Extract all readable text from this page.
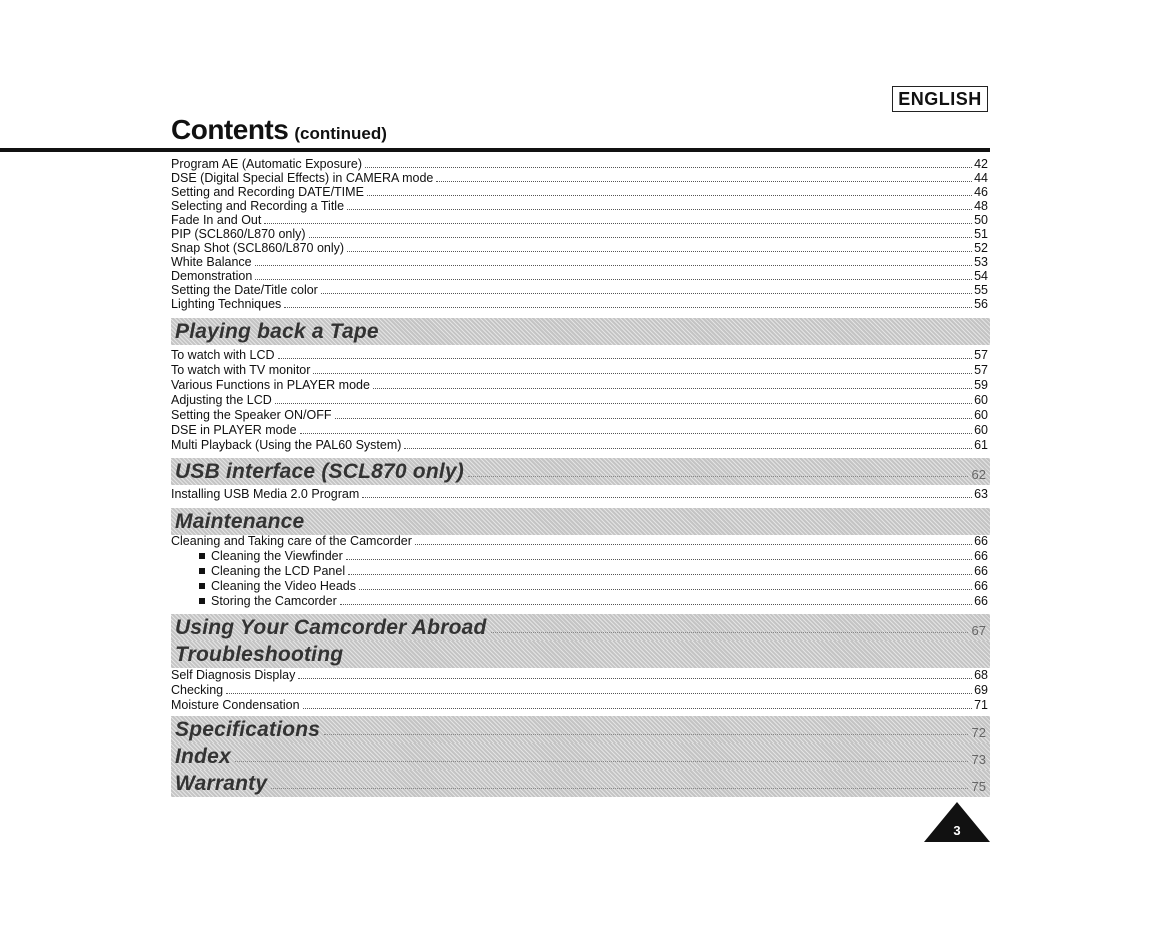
ENGLISH
Contents (continued)
Program AE (Automatic Exposure)	42
DSE (Digital Special Effects) in CAMERA mode	44
Setting and Recording DATE/TIME	46
Selecting and Recording a Title	48
Fade In and Out	50
PIP (SCL860/L870 only)	51
Snap Shot (SCL860/L870 only)	52
White Balance	53
Demonstration	54
Setting the Date/Title color	55
Lighting Techniques	56
Playing back a Tape
To watch with LCD	57
To watch with TV monitor	57
Various Functions in PLAYER mode	59
Adjusting the LCD	60
Setting the Speaker ON/OFF	60
DSE in PLAYER mode	60
Multi Playback (Using the PAL60 System)	61
USB interface (SCL870 only)	62
Installing USB Media 2.0 Program	63
Maintenance
Cleaning and Taking care of the Camcorder	66
Cleaning the Viewfinder	66
Cleaning the LCD Panel	66
Cleaning the Video Heads	66
Storing the Camcorder	66
Using Your Camcorder Abroad	67
Troubleshooting
Self Diagnosis Display	68
Checking	69
Moisture Condensation	71
Specifications	72
Index	73
Warranty	75
3
